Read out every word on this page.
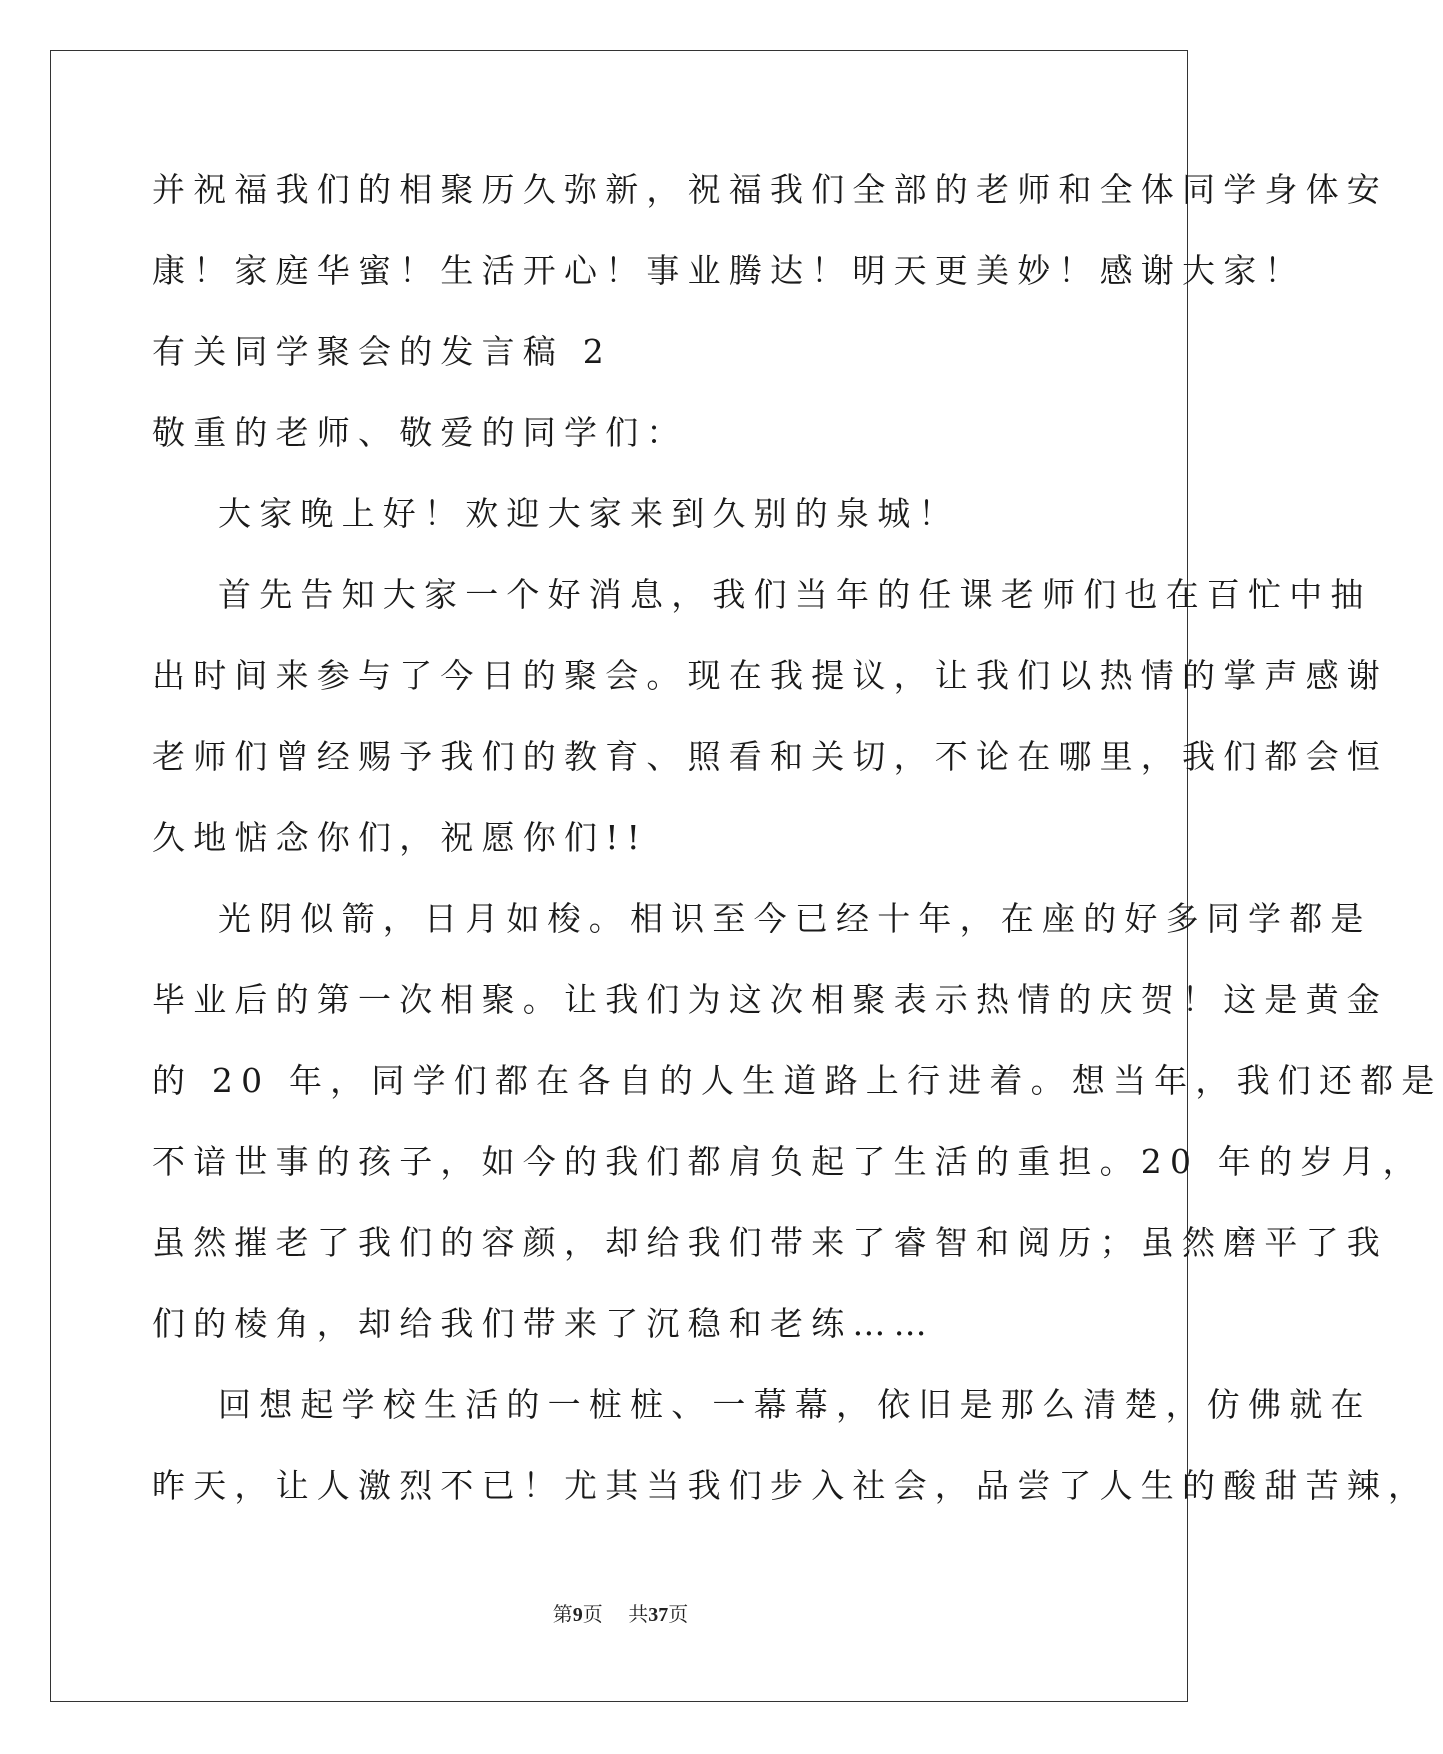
并祝福我们的相聚历久弥新，祝福我们全部的老师和全体同学身体安

康！家庭华蜜！生活开心！事业腾达！明天更美妙！感谢大家！

有关同学聚会的发言稿 2

敬重的老师、敬爱的同学们：

大家晚上好！欢迎大家来到久别的泉城！

首先告知大家一个好消息，我们当年的任课老师们也在百忙中抽

出时间来参与了今日的聚会。现在我提议，让我们以热情的掌声感谢

老师们曾经赐予我们的教育、照看和关切，不论在哪里，我们都会恒

久地惦念你们，祝愿你们!!

光阴似箭，日月如梭。相识至今已经十年，在座的好多同学都是

毕业后的第一次相聚。让我们为这次相聚表示热情的庆贺！这是黄金

的 20 年，同学们都在各自的人生道路上行进着。想当年，我们还都是

不谙世事的孩子，如今的我们都肩负起了生活的重担。20 年的岁月，

虽然摧老了我们的容颜，却给我们带来了睿智和阅历；虽然磨平了我

们的棱角，却给我们带来了沉稳和老练……

回想起学校生活的一桩桩、一幕幕，依旧是那么清楚，仿佛就在

昨天，让人激烈不已！尤其当我们步入社会，品尝了人生的酸甜苦辣，

第9页 共37页
